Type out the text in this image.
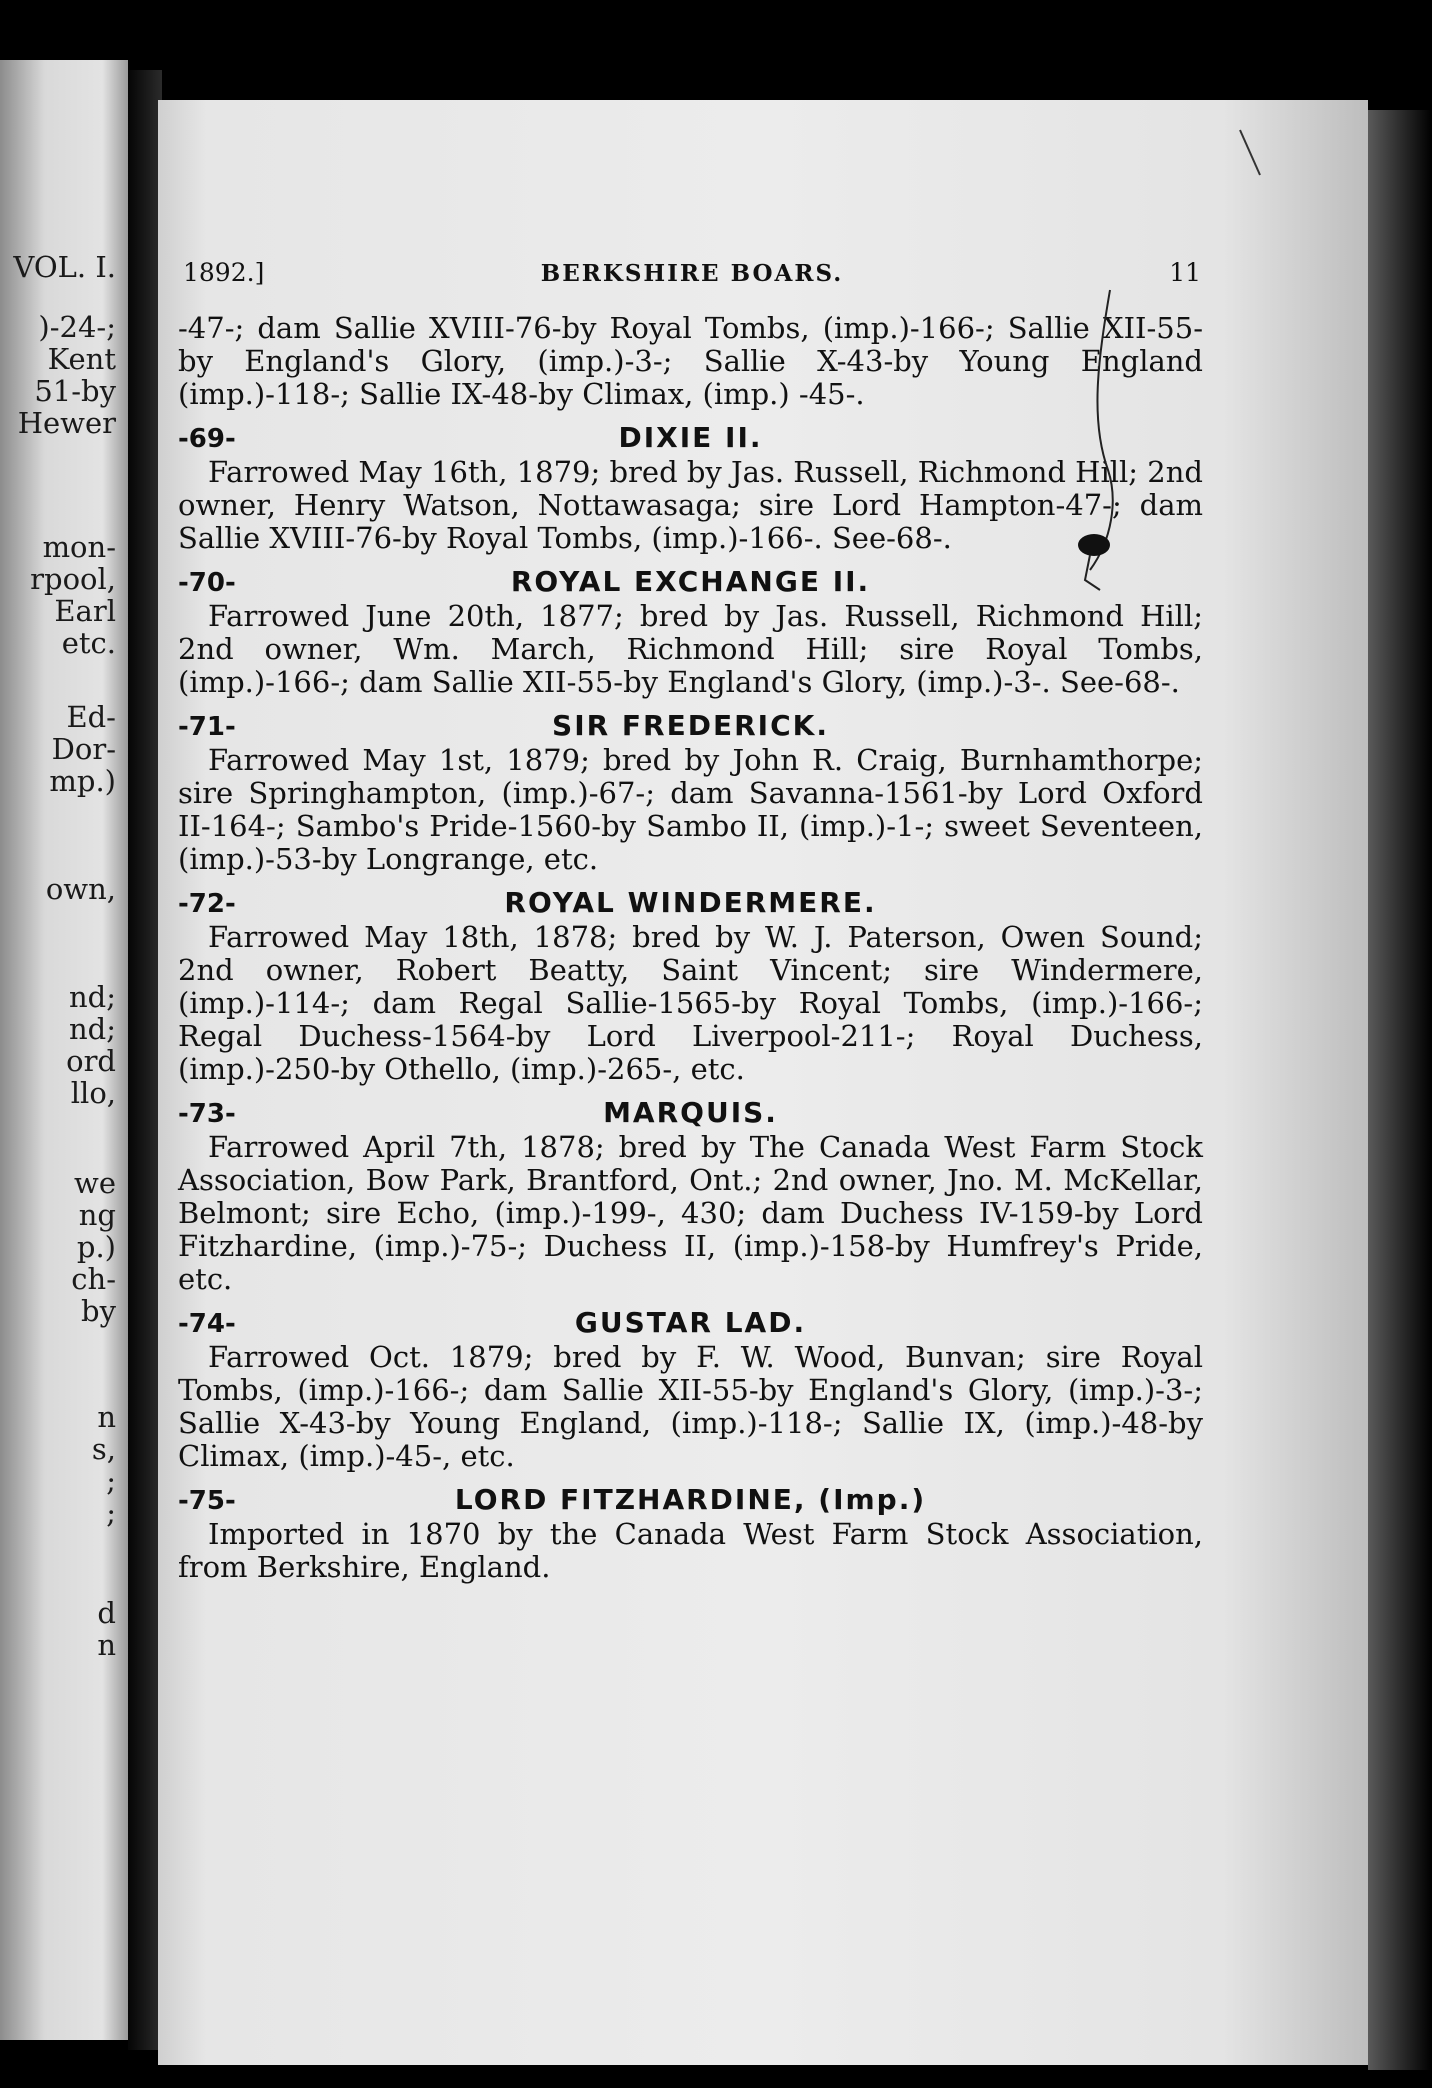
VOL. I.
)-24-;
Kent
51-by
Hewer
mon-
rpool,
Earl
etc.
Ed-
Dor-
mp.)
own,
nd;
nd;
ord
llo,
we
ng
p.)
ch-
by
n
s,
;
;
d
n
1892.]	BERKSHIRE BOARS.	11

-47-; dam Sallie XVIII-76-by Royal Tombs, (imp.)-166-; Sallie XII-55-by England's Glory, (imp.)-3-; Sallie X-43-by Young England (imp.)-118-; Sallie IX-48-by Climax, (imp.) -45-.

-69-	DIXIE II.

Farrowed May 16th, 1879; bred by Jas. Russell, Richmond Hill; 2nd owner, Henry Watson, Nottawasaga; sire Lord Hampton-47-; dam Sallie XVIII-76-by Royal Tombs, (imp.)-166-. See-68-.

-70-	ROYAL EXCHANGE II.

Farrowed June 20th, 1877; bred by Jas. Russell, Richmond Hill; 2nd owner, Wm. March, Richmond Hill; sire Royal Tombs, (imp.)-166-; dam Sallie XII-55-by England's Glory, (imp.)-3-. See-68-.

-71-	SIR FREDERICK.

Farrowed May 1st, 1879; bred by John R. Craig, Burnhamthorpe; sire Springhampton, (imp.)-67-; dam Savanna-1561-by Lord Oxford II-164-; Sambo's Pride-1560-by Sambo II, (imp.)-1-; sweet Seventeen, (imp.)-53-by Longrange, etc.

-72-	ROYAL WINDERMERE.

Farrowed May 18th, 1878; bred by W. J. Paterson, Owen Sound; 2nd owner, Robert Beatty, Saint Vincent; sire Windermere, (imp.)-114-; dam Regal Sallie-1565-by Royal Tombs, (imp.)-166-; Regal Duchess-1564-by Lord Liverpool-211-; Royal Duchess, (imp.)-250-by Othello, (imp.)-265-, etc.

-73-	MARQUIS.

Farrowed April 7th, 1878; bred by The Canada West Farm Stock Association, Bow Park, Brantford, Ont.; 2nd owner, Jno. M. McKellar, Belmont; sire Echo, (imp.)-199-, 430; dam Duchess IV-159-by Lord Fitzhardine, (imp.)-75-; Duchess II, (imp.)-158-by Humfrey's Pride, etc.

-74-	GUSTAR LAD.

Farrowed Oct. 1879; bred by F. W. Wood, Bunvan; sire Royal Tombs, (imp.)-166-; dam Sallie XII-55-by England's Glory, (imp.)-3-; Sallie X-43-by Young England, (imp.)-118-; Sallie IX, (imp.)-48-by Climax, (imp.)-45-, etc.

-75-	LORD FITZHARDINE, (Imp.)

Imported in 1870 by the Canada West Farm Stock Association, from Berkshire, England.
